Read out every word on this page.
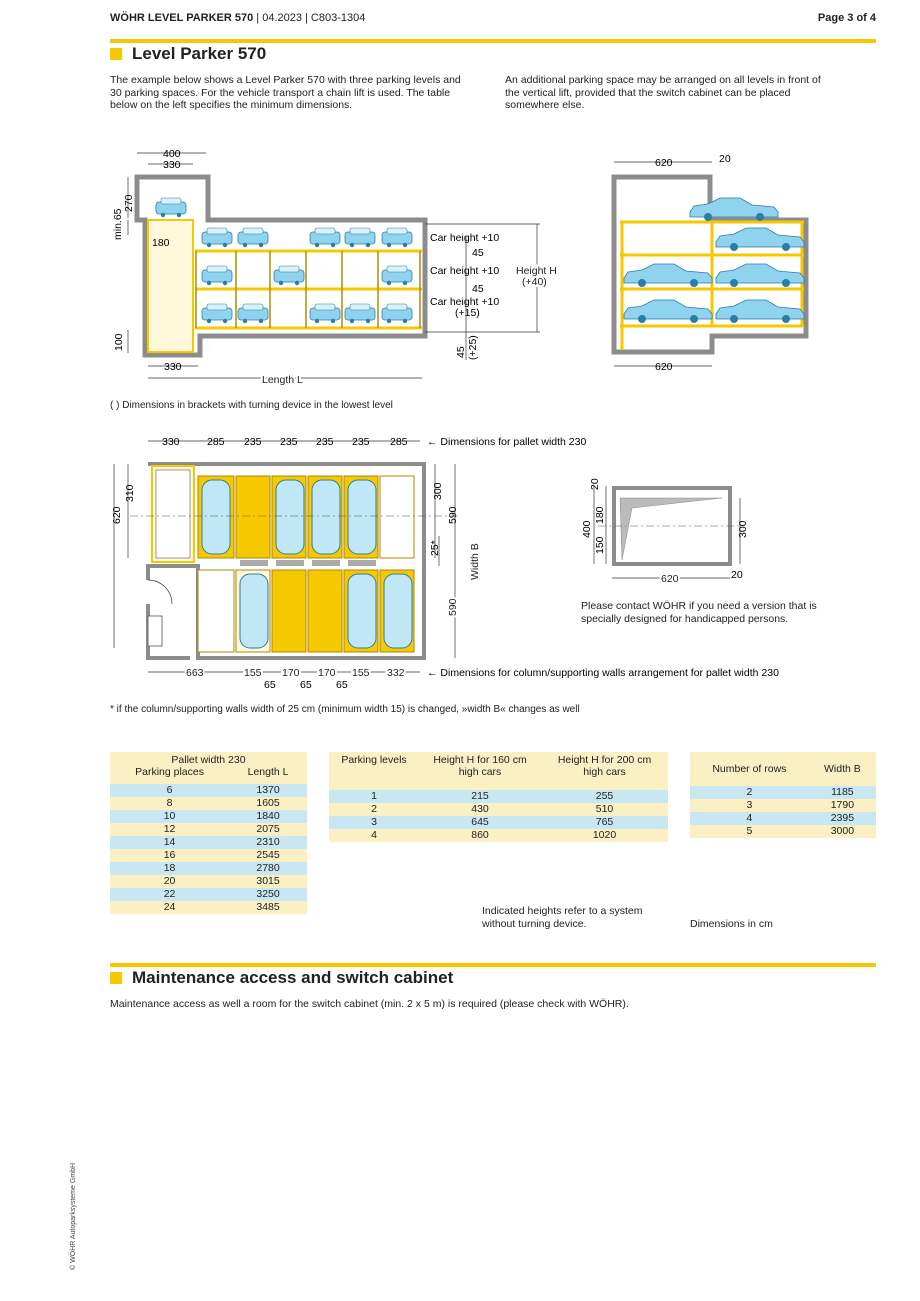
WÖHR LEVEL PARKER 570 | 04.2023 | C803-1304	Page 3 of 4
Level Parker 570
The example below shows a Level Parker 570 with three parking levels and 30 parking spaces. For the vehicle transport a chain lift is used. The table below on the left specifies the minimum dimensions.
An additional parking space may be arranged on all levels in front of the vertical lift, provided that the switch cabinet can be placed somewhere else.
400
330
270
min.65
180
100
330
Length L
Car height +10
45
Car height +10
45
Car height +10
(+15)
Height H
(+40)
45 (+25)
620	20
620
( ) Dimensions in brackets with turning device in the lowest level
330	285 235 235 235 235 285 ← Dimensions for pallet width 230
620
310	300
590
25*	Width B
590
663	155 170 170 155 332
65 65 65
← Dimensions for column/supporting walls arrangement for pallet width 230
20
400
180
150
300
620	20
Please contact WÖHR if you need a version that is specially designed for handicapped persons.
* if the column/supporting walls width of 25 cm (minimum width 15) is changed, »width B« changes as well
Pallet width 230	
Parking places	Length L
6	1370
8	1605
10	1840
12	2075
14	2310
16	2545
18	2780
20	3015
22	3250
24	3485
Parking levels	Height H for 160 cm high cars	Height H for 200 cm high cars
1	215	255
2	430	510
3	645	765
4	860	1020
Indicated heights refer to a system without turning device.
Number of rows	Width B
2	1185
3	1790
4	2395
5	3000
Dimensions in cm
Maintenance access and switch cabinet
Maintenance access as well a room for the switch cabinet (min. 2 x 5 m) is required (please check with WÖHR).
© WÖHR Autoparksysteme GmbH
